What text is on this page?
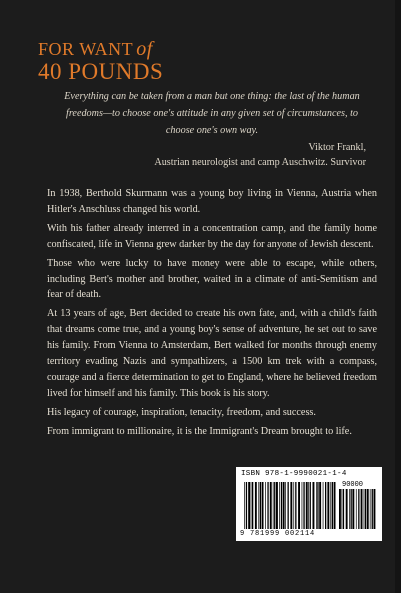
FOR WANT of
40 POUNDS
Everything can be taken from a man but one thing: the last of the human freedoms—to choose one's attitude in any given set of circumstances, to choose one's own way.
Viktor Frankl,
Austrian neurologist and camp Auschwitz. Survivor

In 1938, Berthold Skurmann was a young boy living in Vienna, Austria when Hitler's Anschluss changed his world.

With his father already interred in a concentration camp, and the family home confiscated, life in Vienna grew darker by the day for anyone of Jewish descent.

Those who were lucky to have money were able to escape, while others, including Bert's mother and brother, waited in a climate of anti-Semitism and fear of death.

At 13 years of age, Bert decided to create his own fate, and, with a child's faith that dreams come true, and a young boy's sense of adventure, he set out to save his family. From Vienna to Amsterdam, Bert walked for months through enemy territory evading Nazis and sympathizers, a 1500 km trek with a compass, courage and a fierce determination to get to England, where he believed freedom lived for himself and his family. This book is his story.

His legacy of courage, inspiration, tenacity, freedom, and success.

From immigrant to millionaire, it is the Immigrant's Dream brought to life.

ISBN 978-1-9990021-1-4
90000
9 781999 002114
